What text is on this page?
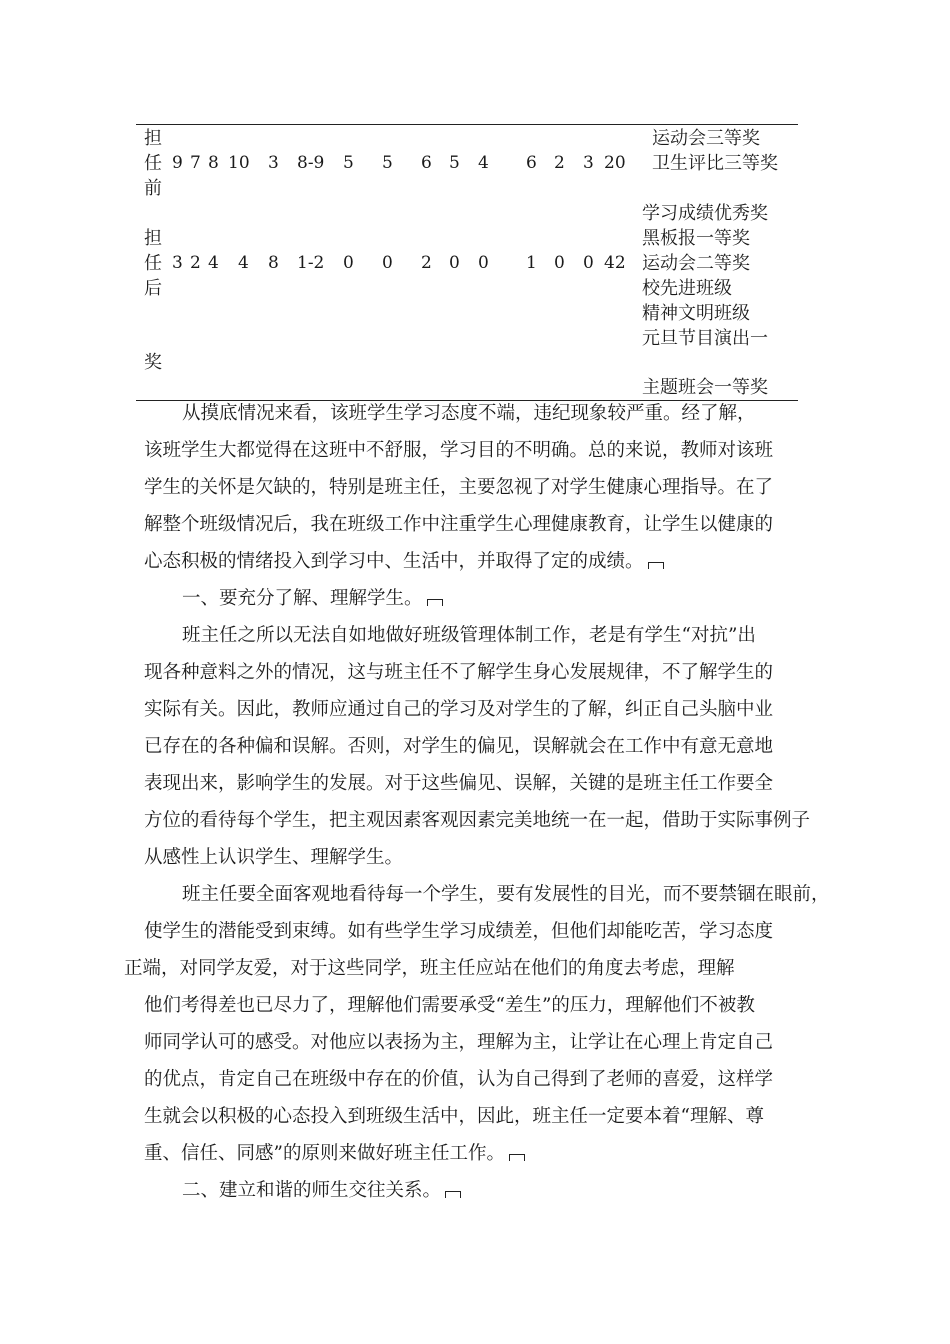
担
任
前
9 7 8 10 3 8-9 5 5 6 5 4 6 2 3 20
运动会三等奖
卫生评比三等奖
担
任
后
3 2 4 4 8 1-2 0 0 2 0 0 1 0 0 42
学习成绩优秀奖
黑板报一等奖
运动会二等奖
校先进班级
精神文明班级
元旦节目演出一
奖
主题班会一等奖
从摸底情况来看，该班学生学习态度不端，违纪现象较严重。经了解，
该班学生大都觉得在这班中不舒服，学习目的不明确。总的来说，教师对该班
学生的关怀是欠缺的，特别是班主任，主要忽视了对学生健康心理指导。在了
解整个班级情况后，我在班级工作中注重学生心理健康教育，让学生以健康的
心态积极的情绪投入到学习中、生活中，并取得了定的成绩。
一、要充分了解、理解学生。
班主任之所以无法自如地做好班级管理体制工作，老是有学生“对抗”出
现各种意料之外的情况，这与班主任不了解学生身心发展规律，不了解学生的
实际有关。因此，教师应通过自己的学习及对学生的了解，纠正自己头脑中业
已存在的各种偏和误解。否则，对学生的偏见，误解就会在工作中有意无意地
表现出来，影响学生的发展。对于这些偏见、误解，关键的是班主任工作要全
方位的看待每个学生，把主观因素客观因素完美地统一在一起，借助于实际事例子
从感性上认识学生、理解学生。
班主任要全面客观地看待每一个学生，要有发展性的目光，而不要禁锢在眼前，
使学生的潜能受到束缚。如有些学生学习成绩差，但他们却能吃苦，学习态度
正端，对同学友爱，对于这些同学，班主任应站在他们的角度去考虑，理解
他们考得差也已尽力了，理解他们需要承受“差生”的压力，理解他们不被教
师同学认可的感受。对他应以表扬为主，理解为主，让学让在心理上肯定自己
的优点，肯定自己在班级中存在的价值，认为自己得到了老师的喜爱，这样学
生就会以积极的心态投入到班级生活中，因此，班主任一定要本着“理解、尊
重、信任、同感”的原则来做好班主任工作。
二、建立和谐的师生交往关系。
